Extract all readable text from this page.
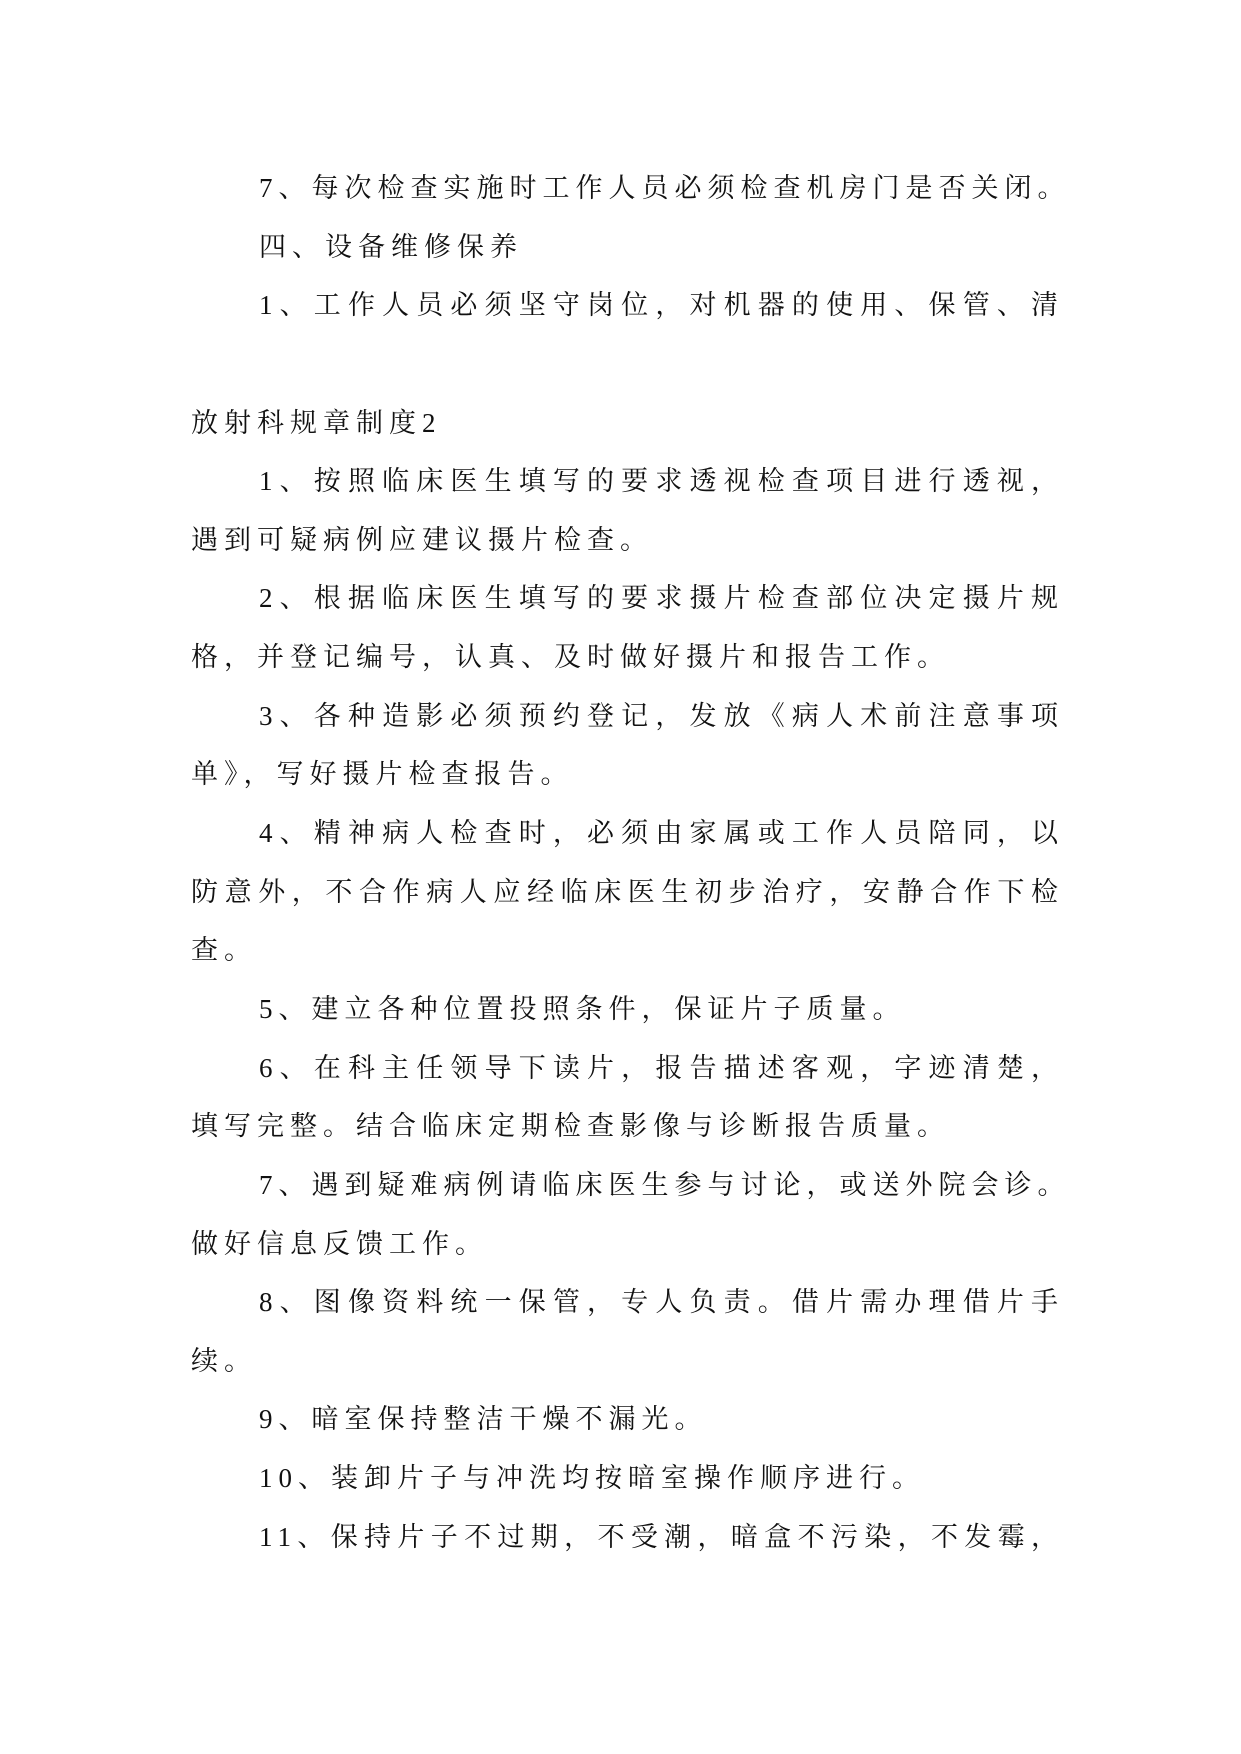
7、每次检查实施时工作人员必须检查机房门是否关闭。
四、设备维修保养
1、工作人员必须坚守岗位，对机器的使用、保管、清
放射科规章制度2
1、按照临床医生填写的要求透视检查项目进行透视，
遇到可疑病例应建议摄片检查。
2、根据临床医生填写的要求摄片检查部位决定摄片规
格，并登记编号，认真、及时做好摄片和报告工作。
3、各种造影必须预约登记，发放《病人术前注意事项
单》，写好摄片检查报告。
4、精神病人检查时，必须由家属或工作人员陪同，以
防意外，不合作病人应经临床医生初步治疗，安静合作下检
查。
5、建立各种位置投照条件，保证片子质量。
6、在科主任领导下读片，报告描述客观，字迹清楚，
填写完整。结合临床定期检查影像与诊断报告质量。
7、遇到疑难病例请临床医生参与讨论，或送外院会诊。
做好信息反馈工作。
8、图像资料统一保管，专人负责。借片需办理借片手
续。
9、暗室保持整洁干燥不漏光。
10、装卸片子与冲洗均按暗室操作顺序进行。
11、保持片子不过期，不受潮，暗盒不污染，不发霉，
